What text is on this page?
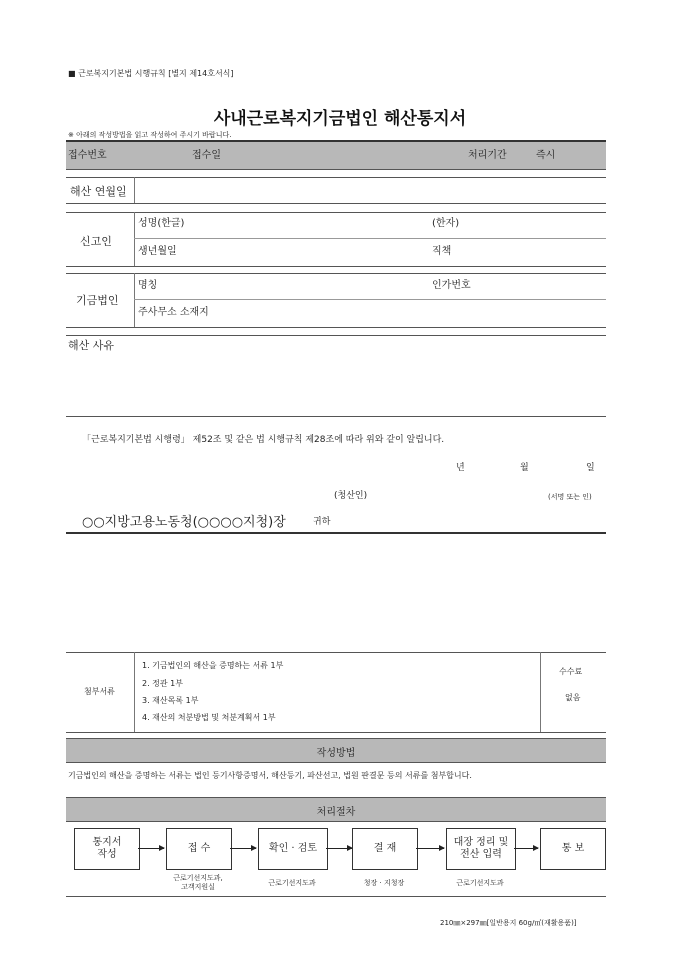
■ 근로복지기본법 시행규칙 [별지 제14호서식]
사내근로복지기금법인 해산통지서
※ 아래의 작성방법을 읽고 작성하여 주시기 바랍니다.
접수번호	접수일	처리기간	즉시
해산 연월일
신고인
성명(한글)	(한자)
생년월일	직책
기금법인
명칭	인가번호
주사무소 소재지
해산 사유
「근로복지기본법 시행령」 제52조 및 같은 법 시행규칙 제28조에 따라 위와 같이 알립니다.
년	월	일
(청산인)	(서명 또는 인)
○○지방고용노동청(○○○○지청)장	귀하
첨부서류
1. 기금법인의 해산을 증명하는 서류 1부
2. 정관 1부
3. 재산목록 1부
4. 재산의 처분방법 및 처분계획서 1부
수수료
없음
작성방법
기금법인의 해산을 증명하는 서류는 법인 등기사항증명서, 해산등기, 파산선고, 법원 판결문 등의 서류를 첨부합니다.
처리절차
통지서
작성
접 수	확인 · 검토	결 재
대장 정리 및
전산 입력
통 보
근로기선지도과,
고객지원실	근로기선지도과	청장 · 지청장	근로기선지도과
210㎜×297㎜[일반용지 60g/㎡(재활용품)]
